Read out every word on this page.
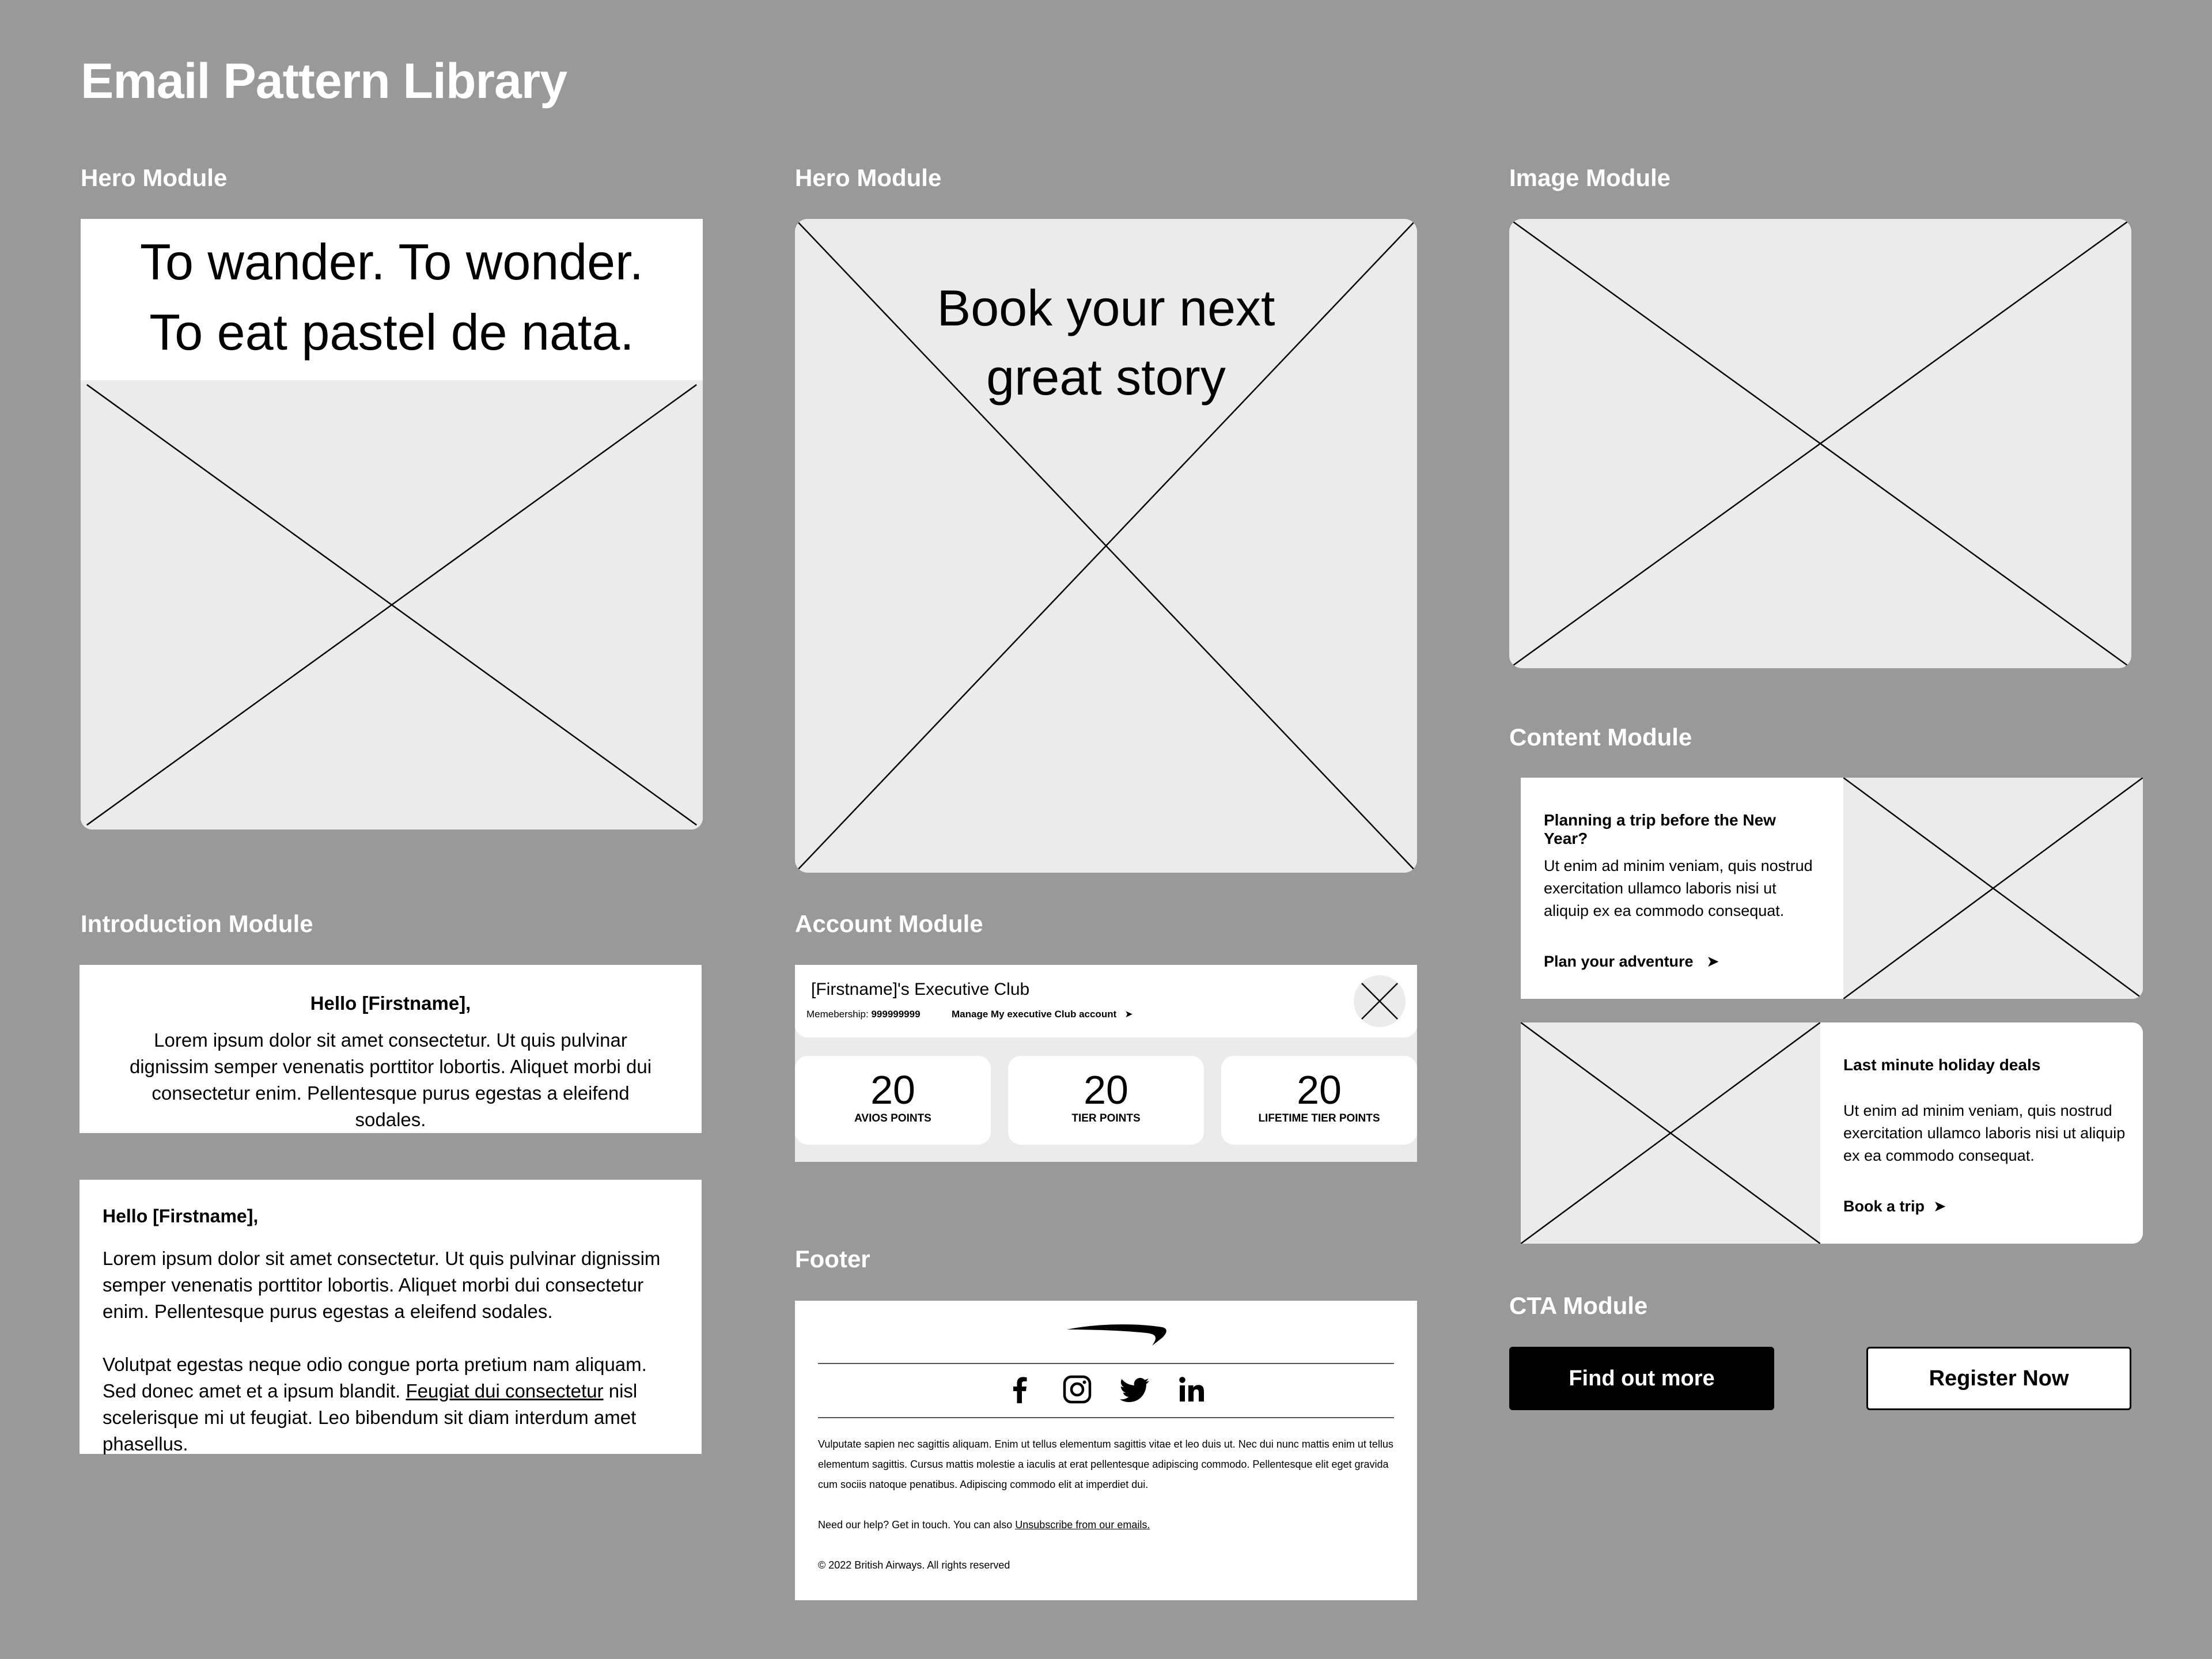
Email Pattern Library
Hero Module	Hero Module	Image Module
Introduction Module	Account Module
Content Module
Footer
CTA Module
To wander. To wonder.
To eat pastel de nata.	Book your next
great story
Hello [Firstname],
Lorem ipsum dolor sit amet consectetur. Ut quis pulvinar dignissim semper venenatis porttitor lobortis. Aliquet morbi dui consectetur enim. Pellentesque purus egestas a eleifend sodales.
Hello [Firstname],
Lorem ipsum dolor sit amet consectetur. Ut quis pulvinar dignissim semper venenatis porttitor lobortis. Aliquet morbi dui consectetur enim. Pellentesque purus egestas a eleifend sodales.
Volutpat egestas neque odio congue porta pretium nam aliquam. Sed donec amet et a ipsum blandit. Feugiat dui consectetur nisl scelerisque mi ut feugiat. Leo bibendum sit diam interdum amet phasellus.
[Firstname]'s Executive Club
Memebership: 999999999	Manage My executive Club account ➤
20
AVIOS POINTS
20
TIER POINTS
20
LIFETIME TIER POINTS
Vulputate sapien nec sagittis aliquam. Enim ut tellus elementum sagittis vitae et leo duis ut. Nec dui nunc mattis enim ut tellus elementum sagittis. Cursus mattis molestie a iaculis at erat pellentesque adipiscing commodo. Pellentesque elit eget gravida cum sociis natoque penatibus. Adipiscing commodo elit at imperdiet dui.
Need our help? Get in touch. You can also Unsubscribe from our emails.
© 2022 British Airways. All rights reserved
Planning a trip before the New Year?
Ut enim ad minim veniam, quis nostrud exercitation ullamco laboris nisi ut aliquip ex ea commodo consequat.
Plan your adventure ➤
Last minute holiday deals
Ut enim ad minim veniam, quis nostrud exercitation ullamco laboris nisi ut aliquip ex ea commodo consequat.
Book a trip ➤
Find out more	Register Now
